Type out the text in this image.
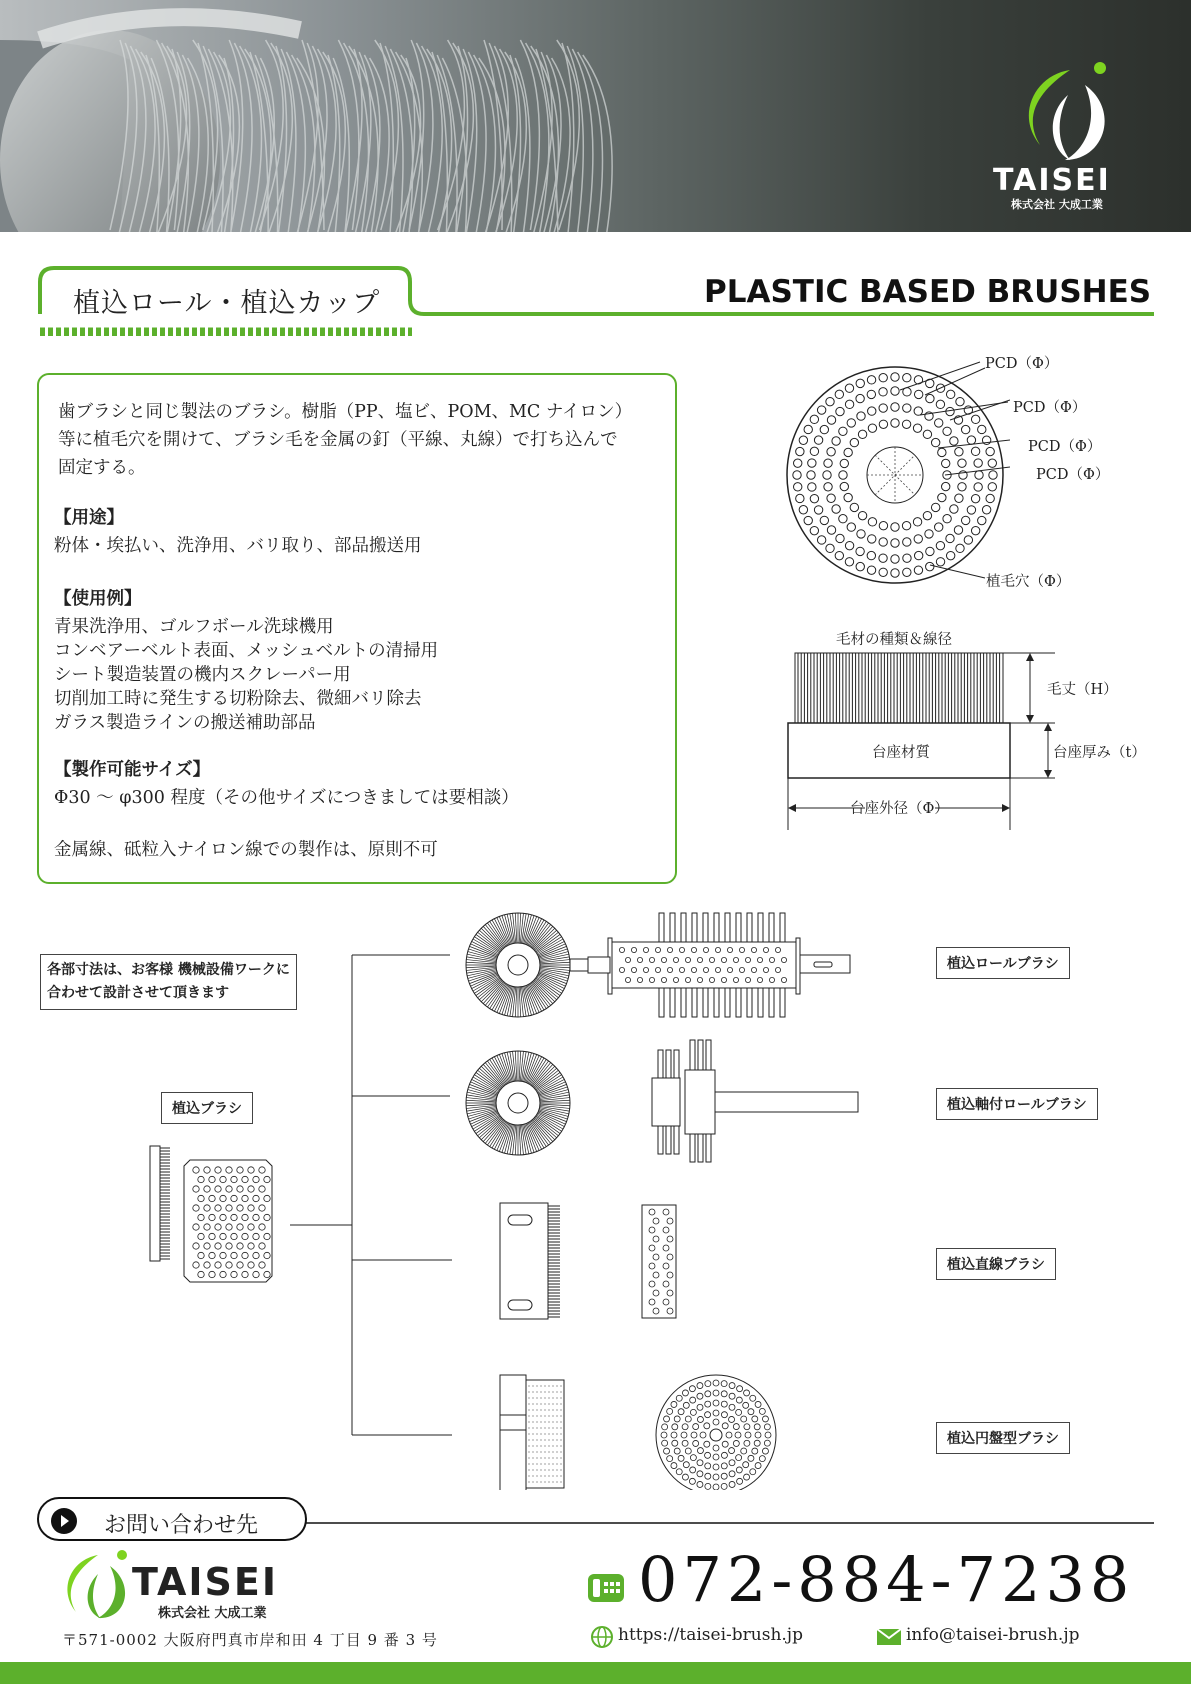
TAISEI
株式会社 大成工業
植込ロール・植込カップ	PLASTIC BASED BRUSHES
歯ブラシと同じ製法のブラシ。樹脂（PP、塩ビ、POM、MC ナイロン）
等に植毛穴を開けて、ブラシ毛を金属の釘（平線、丸線）で打ち込んで
固定する。
【用途】
粉体・埃払い、洗浄用、バリ取り、部品搬送用
【使用例】
青果洗浄用、ゴルフボール洗球機用
コンベアーベルト表面、メッシュベルトの清掃用
シート製造装置の機内スクレーパー用
切削加工時に発生する切粉除去、微細バリ除去
ガラス製造ラインの搬送補助部品
【製作可能サイズ】
Φ30 ～ φ300 程度（その他サイズにつきましては要相談）
金属線、砥粒入ナイロン線での製作は、原則不可
PCD（Φ）
PCD（Φ）
PCD（Φ）
PCD（Φ）
植毛穴（Φ）
毛材の種類＆線径
毛丈（H）
台座材質	台座厚み（t）
台座外径（Φ）
各部寸法は、お客様 機械設備ワークに
合わせて設計させて頂きます
植込ブラシ
植込ロールブラシ
植込軸付ロールブラシ
植込直線ブラシ
植込円盤型ブラシ
お問い合わせ先
TAISEI
株式会社 大成工業
〒571-0002 大阪府門真市岸和田 4 丁目 9 番 3 号
072-884-7238
https://taisei-brush.jp	info@taisei-brush.jp
